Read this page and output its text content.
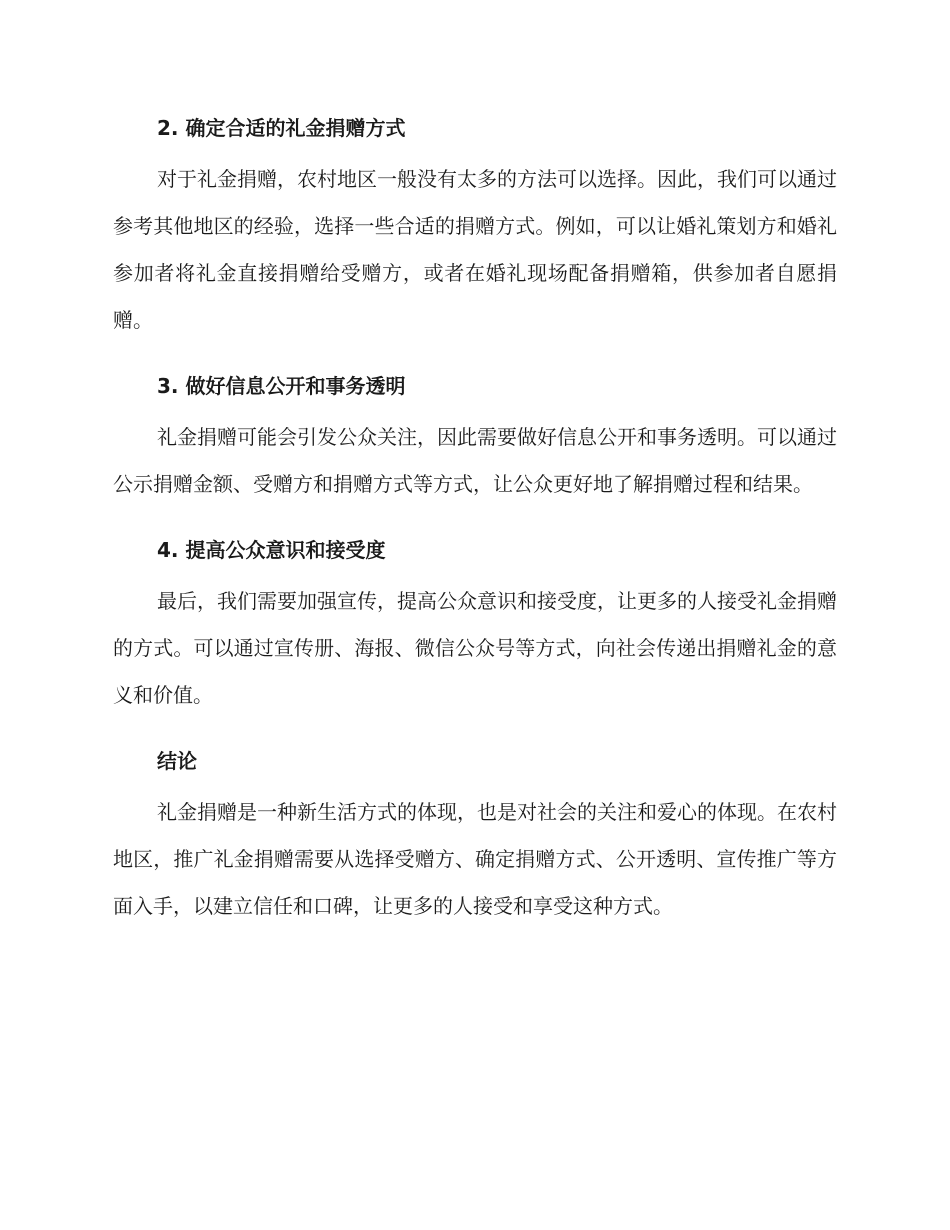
2. 确定合适的礼金捐赠方式

对于礼金捐赠，农村地区一般没有太多的方法可以选择。因此，我们可以通过参考其他地区的经验，选择一些合适的捐赠方式。例如，可以让婚礼策划方和婚礼参加者将礼金直接捐赠给受赠方，或者在婚礼现场配备捐赠箱，供参加者自愿捐赠。

3. 做好信息公开和事务透明

礼金捐赠可能会引发公众关注，因此需要做好信息公开和事务透明。可以通过公示捐赠金额、受赠方和捐赠方式等方式，让公众更好地了解捐赠过程和结果。

4. 提高公众意识和接受度

最后，我们需要加强宣传，提高公众意识和接受度，让更多的人接受礼金捐赠的方式。可以通过宣传册、海报、微信公众号等方式，向社会传递出捐赠礼金的意义和价值。

结论

礼金捐赠是一种新生活方式的体现，也是对社会的关注和爱心的体现。在农村地区，推广礼金捐赠需要从选择受赠方、确定捐赠方式、公开透明、宣传推广等方面入手，以建立信任和口碑，让更多的人接受和享受这种方式。
